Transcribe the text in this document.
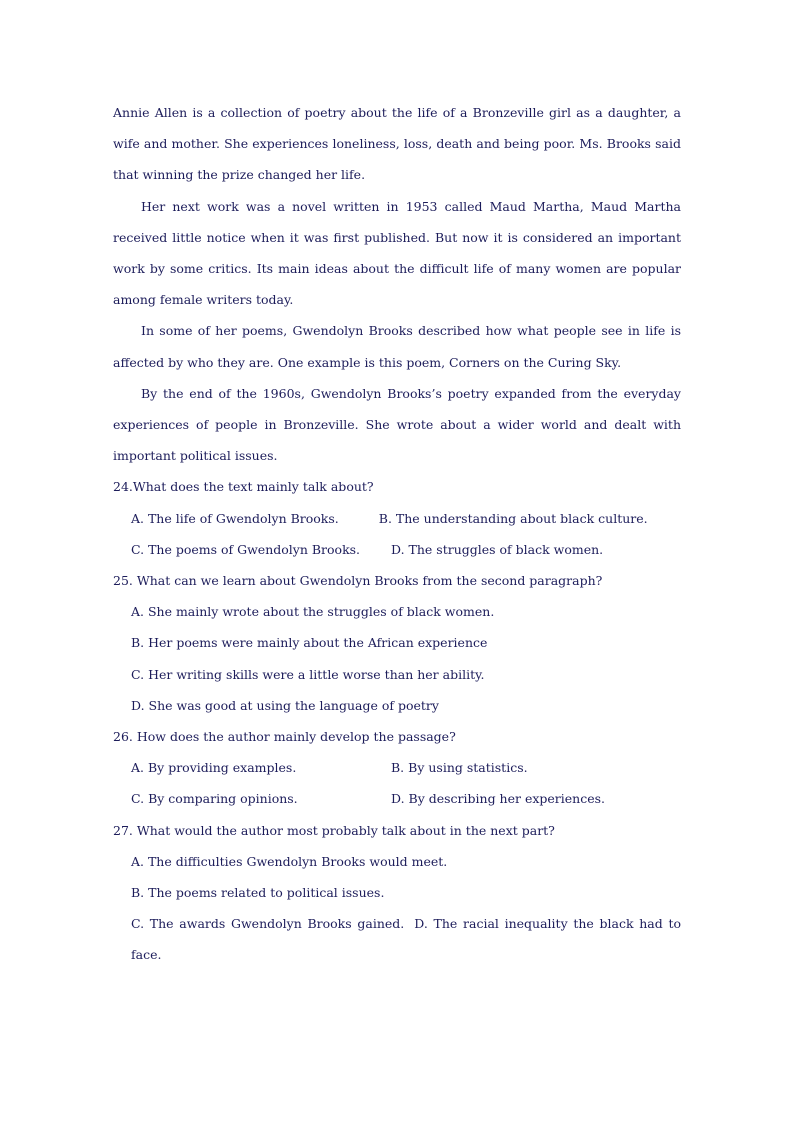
Annie Allen is a collection of poetry about the life of a Bronzeville girl as a daughter, a wife and mother. She experiences loneliness, loss, death and being poor. Ms. Brooks said that winning the prize changed her life.

Her next work was a novel written in 1953 called Maud Martha, Maud Martha received little notice when it was first published. But now it is considered an important work by some critics. Its main ideas about the difficult life of many women are popular among female writers today.

In some of her poems, Gwendolyn Brooks described how what people see in life is affected by who they are. One example is this poem, Corners on the Curing Sky.

By the end of the 1960s, Gwendolyn Brooks’s poetry expanded from the everyday experiences of people in Bronzeville. She wrote about a wider world and dealt with important political issues.

24.What does the text mainly talk about?

A. The life of Gwendolyn Brooks.	B. The understanding about black culture.

C. The poems of Gwendolyn Brooks.	D. The struggles of black women.

25. What can we learn about Gwendolyn Brooks from the second paragraph?

A. She mainly wrote about the struggles of black women.

B. Her poems were mainly about the African experience

C. Her writing skills were a little worse than her ability.

D. She was good at using the language of poetry

26. How does the author mainly develop the passage?

A. By providing examples.	B. By using statistics.
C. By comparing opinions.	D. By describing her experiences.

27. What would the author most probably talk about in the next part?

A. The difficulties Gwendolyn Brooks would meet.

B. The poems related to political issues.

C. The awards Gwendolyn Brooks gained. D. The racial inequality the black had to face.
